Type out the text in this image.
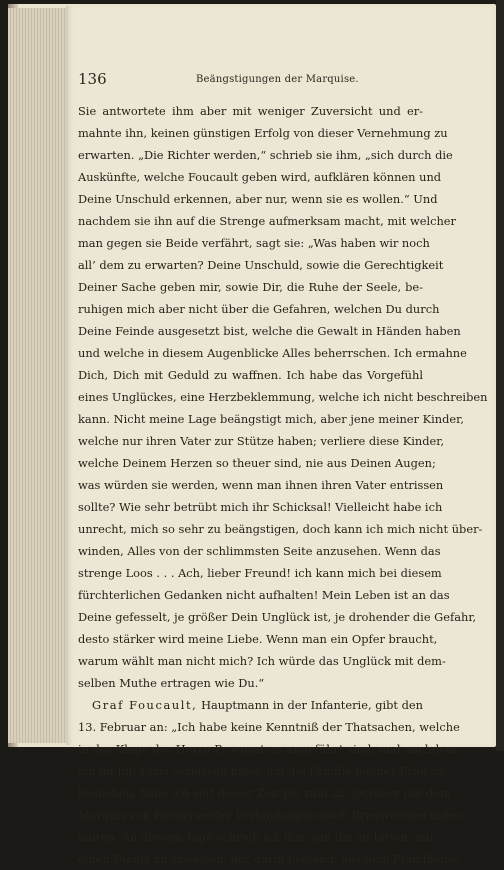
136	Beängstigungen der Marquise.
Sie antwortete ihm aber mit weniger Zuversicht und er-
mahnte ihn, keinen günstigen Erfolg von dieser Vernehmung zu
erwarten. „Die Richter werden,“ schrieb sie ihm, „sich durch die
Auskünfte, welche Foucault geben wird, aufklären können und
Deine Unschuld erkennen, aber nur, wenn sie es wollen.“ Und
nachdem sie ihn auf die Strenge aufmerksam macht, mit welcher
man gegen sie Beide verfährt, sagt sie: „Was haben wir noch
all’ dem zu erwarten? Deine Unschuld, sowie die Gerechtigkeit
Deiner Sache geben mir, sowie Dir, die Ruhe der Seele, be-
ruhigen mich aber nicht über die Gefahren, welchen Du durch
Deine Feinde ausgesetzt bist, welche die Gewalt in Händen haben
und welche in diesem Augenblicke Alles beherrschen. Ich ermahne
Dich, Dich mit Geduld zu waffnen. Ich habe das Vorgefühl
eines Unglückes, eine Herzbeklemmung, welche ich nicht beschreiben
kann. Nicht meine Lage beängstigt mich, aber jene meiner Kinder,
welche nur ihren Vater zur Stütze haben; verliere diese Kinder,
welche Deinem Herzen so theuer sind, nie aus Deinen Augen;
was würden sie werden, wenn man ihnen ihren Vater entrissen
sollte? Wie sehr betrübt mich ihr Schicksal! Vielleicht habe ich
unrecht, mich so sehr zu beängstigen, doch kann ich mich nicht über-
winden, Alles von der schlimmsten Seite anzusehen. Wenn das
strenge Loos . . . Ach, lieber Freund! ich kann mich bei diesem
fürchterlichen Gedanken nicht aufhalten! Mein Leben ist an das
Deine gefesselt, je größer Dein Unglück ist, je drohender die Gefahr,
desto stärker wird meine Liebe. Wenn man ein Opfer braucht,
warum wählt man nicht mich? Ich würde das Unglück mit dem-
selben Muthe ertragen wie Du.“
Graf Foucault, Hauptmann in der Infanterie, gibt den
13. Februar an: „Ich habe keine Kenntniß der Thatsachen, welche
in der Klage des Herrn Procurators angeführt sind, und nachdem
ich im Juli Paris verlassen habe, um die Familie meiner Frau zu
besuchen, habe ich seit dieser Zeit bis zum 22. October mit dem
Marquis von Favras weder Verbindungen noch Briefwechsel unter-
halten. An diesem Tage schrieb ich ihm, um ihn zu bitten, mir
einen Dienst zu erweisen, der darin bestand, aus dem Pfandhause
